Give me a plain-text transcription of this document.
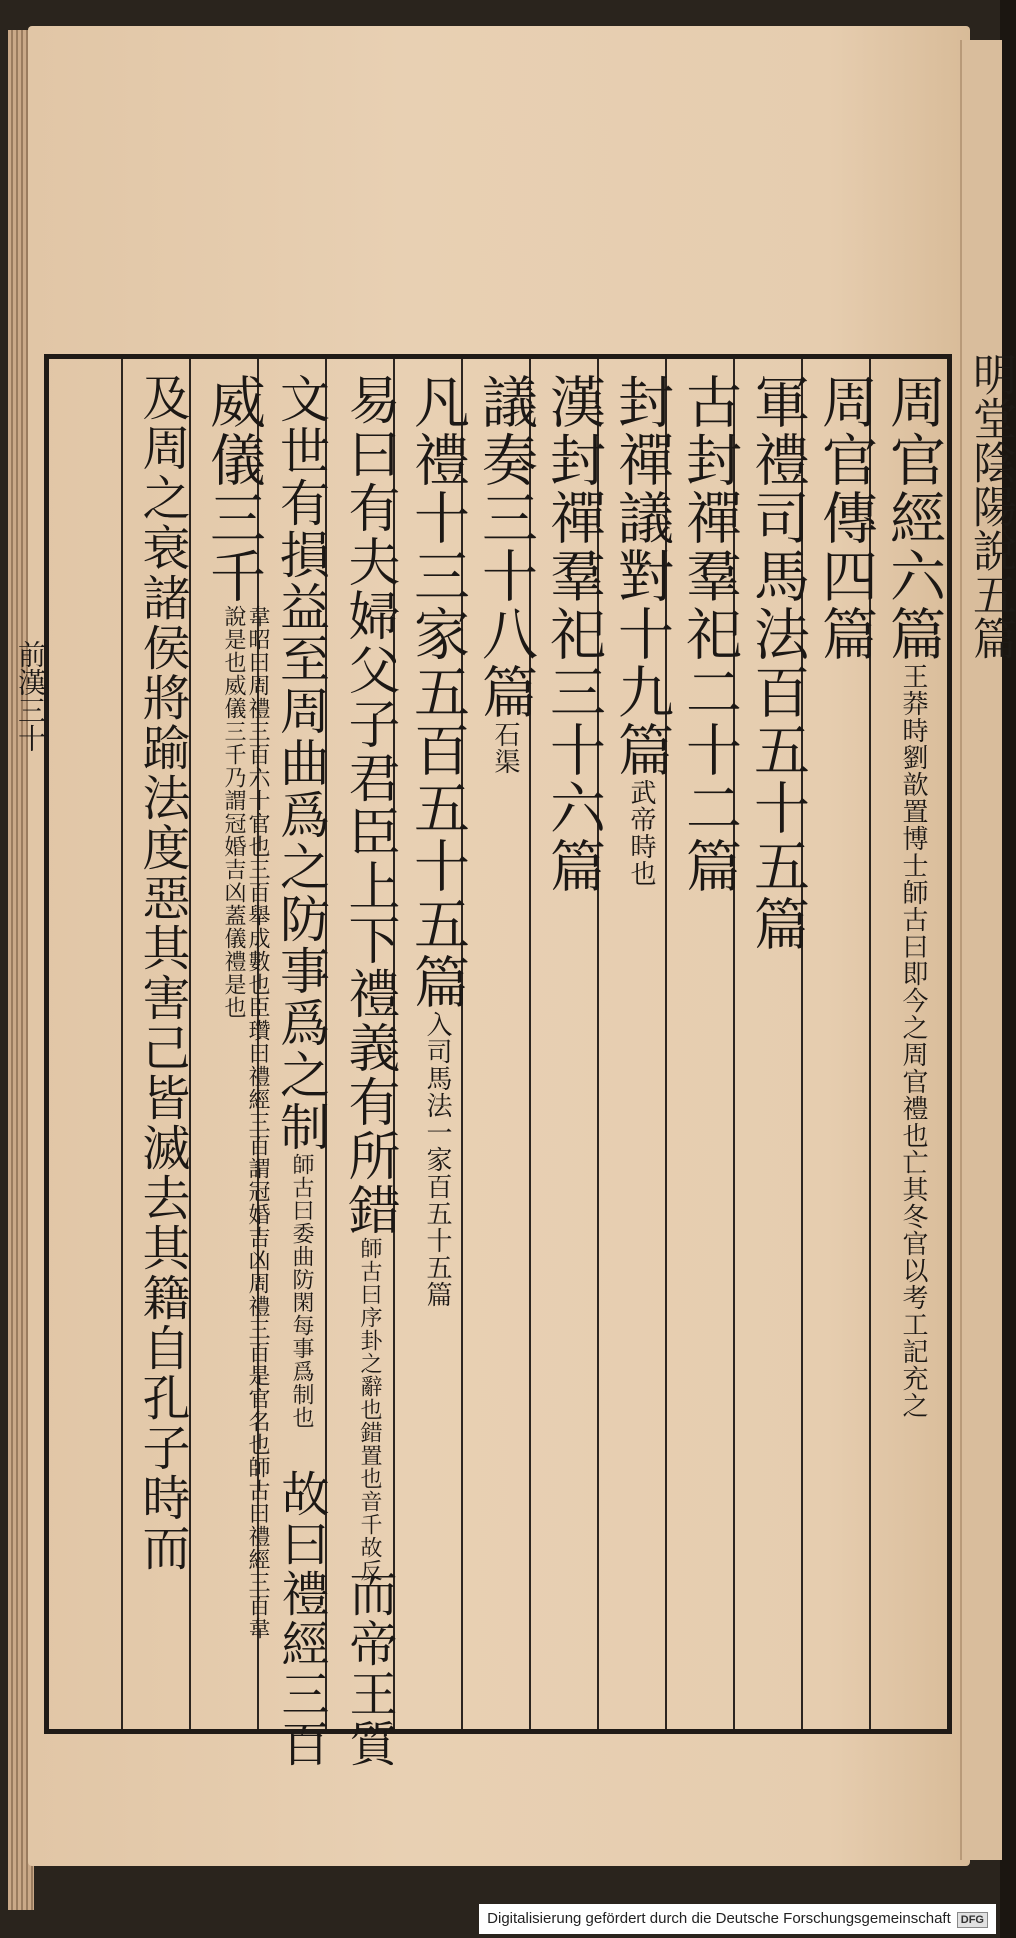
明堂陰陽說五篇
周官經六篇王莽時劉歆置博士師古曰即今之周官禮也亡其冬官以考工記充之
周官傳四篇
軍禮司馬法百五十五篇
古封禪羣祀二十二篇
封禪議對十九篇武帝時也
漢封禪羣祀三十六篇
議奏三十八篇石渠
凡禮十三家五百五十五篇入司馬法一家百五十五篇
易曰有夫婦父子君臣上下禮義有所錯師古曰序卦之辭也錯置也音千故反
文世有損益至周曲爲之防事爲之制師古曰委曲防閑每事爲制也
威儀三千韋昭曰周禮三百六十官也三百舉成數也臣瓚曰禮經三百謂冠婚吉凶周禮三百是官名也師古曰禮經三百韋說是也威儀三千乃謂冠婚吉凶蓋儀禮是也
及周之衰諸侯將踰法度惡其害己皆滅去其籍自孔子時而
而帝王質
故曰禮經三百
前漢三十
Digitalisierung gefördert durch die Deutsche Forschungsgemeinschaft DFG
